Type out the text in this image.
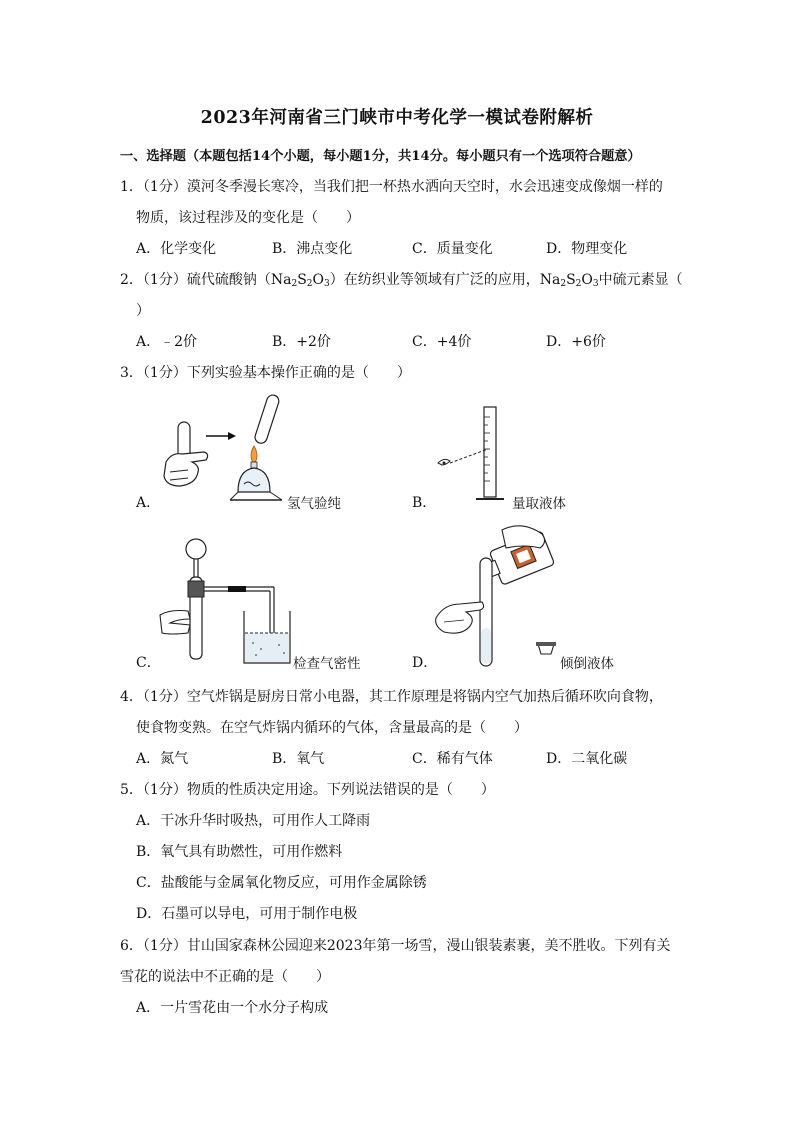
2023年河南省三门峡市中考化学一模试卷附解析
一、选择题（本题包括14个小题，每小题1分，共14分。每小题只有一个选项符合题意）
1．（1分）漠河冬季漫长寒冷，当我们把一杯热水洒向天空时，水会迅速变成像烟一样的
物质，该过程涉及的变化是（　　）
A．化学变化	B．沸点变化	C．质量变化	D．物理变化
2．（1分）硫代硫酸钠$(Na_2S_2O_3)$在纺织业等领域有广泛的应用，$Na_2S_2O_3$中硫元素显（
）
A．﹣2价	B．+2价	C．+4价	D．+6价
3．（1分）下列实验基本操作正确的是（　　）
A．	氢气验纯	B．	量取液体
C．	检查气密性	D．	倾倒液体
4．（1分）空气炸锅是厨房日常小电器，其工作原理是将锅内空气加热后循环吹向食物，
使食物变熟。在空气炸锅内循环的气体，含量最高的是（　　）
A．氮气	B．氧气	C．稀有气体	D．二氧化碳
5．（1分）物质的性质决定用途。下列说法错误的是（　　）
A．干冰升华时吸热，可用作人工降雨
B．氧气具有助燃性，可用作燃料
C．盐酸能与金属氧化物反应，可用作金属除锈
D．石墨可以导电，可用于制作电极
6．（1分）甘山国家森林公园迎来2023年第一场雪，漫山银装素裹，美不胜收。下列有关
雪花的说法中不正确的是（　　）
A．一片雪花由一个水分子构成
